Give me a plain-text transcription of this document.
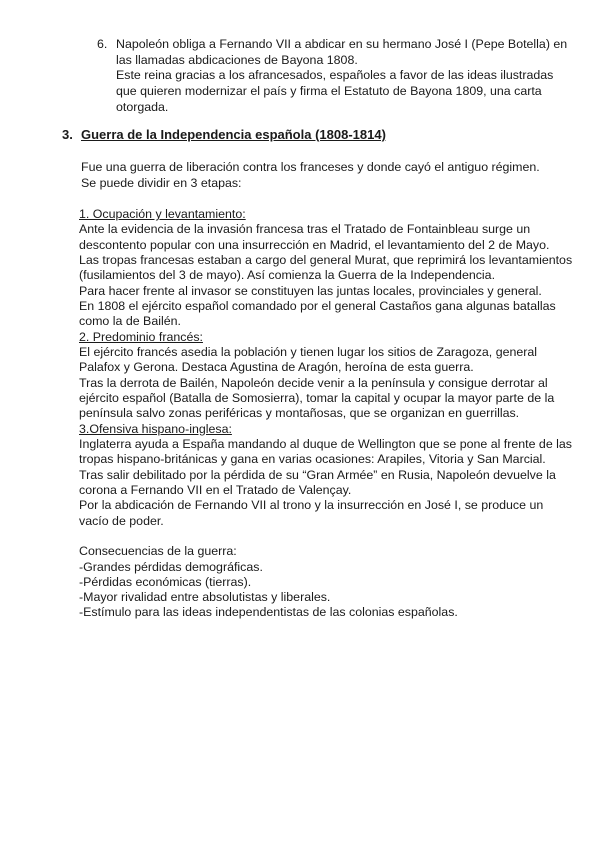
6. Napoleón obliga a Fernando VII a abdicar en su hermano José I (Pepe Botella) en
las llamadas abdicaciones de Bayona 1808.
Este reina gracias a los afrancesados, españoles a favor de las ideas ilustradas
que quieren modernizar el país y firma el Estatuto de Bayona 1809, una carta
otorgada.
3. Guerra de la Independencia española (1808-1814)
Fue una guerra de liberación contra los franceses y donde cayó el antiguo régimen.
Se puede dividir en 3 etapas:
1. Ocupación y levantamiento:
Ante la evidencia de la invasión francesa tras el Tratado de Fontainbleau surge un
descontento popular con una insurrección en Madrid, el levantamiento del 2 de Mayo.
Las tropas francesas estaban a cargo del general Murat, que reprimirá los levantamientos
(fusilamientos del 3 de mayo). Así comienza la Guerra de la Independencia.
Para hacer frente al invasor se constituyen las juntas locales, provinciales y general.
En 1808 el ejército español comandado por el general Castaños gana algunas batallas
como la de Bailén.
2. Predominio francés:
El ejército francés asedia la población y tienen lugar los sitios de Zaragoza, general
Palafox y Gerona. Destaca Agustina de Aragón, heroína de esta guerra.
Tras la derrota de Bailén, Napoleón decide venir a la península y consigue derrotar al
ejército español (Batalla de Somosierra), tomar la capital y ocupar la mayor parte de la
península salvo zonas periféricas y montañosas, que se organizan en guerrillas.
3.Ofensiva hispano-inglesa:
Inglaterra ayuda a España mandando al duque de Wellington que se pone al frente de las
tropas hispano-británicas y gana en varias ocasiones: Arapiles, Vitoria y San Marcial.
Tras salir debilitado por la pérdida de su “Gran Armée” en Rusia, Napoleón devuelve la
corona a Fernando VII en el Tratado de Valençay.
Por la abdicación de Fernando VII al trono y la insurrección en José I, se produce un
vacío de poder.
Consecuencias de la guerra:
-Grandes pérdidas demográficas.
-Pérdidas económicas (tierras).
-Mayor rivalidad entre absolutistas y liberales.
-Estímulo para las ideas independentistas de las colonias españolas.
